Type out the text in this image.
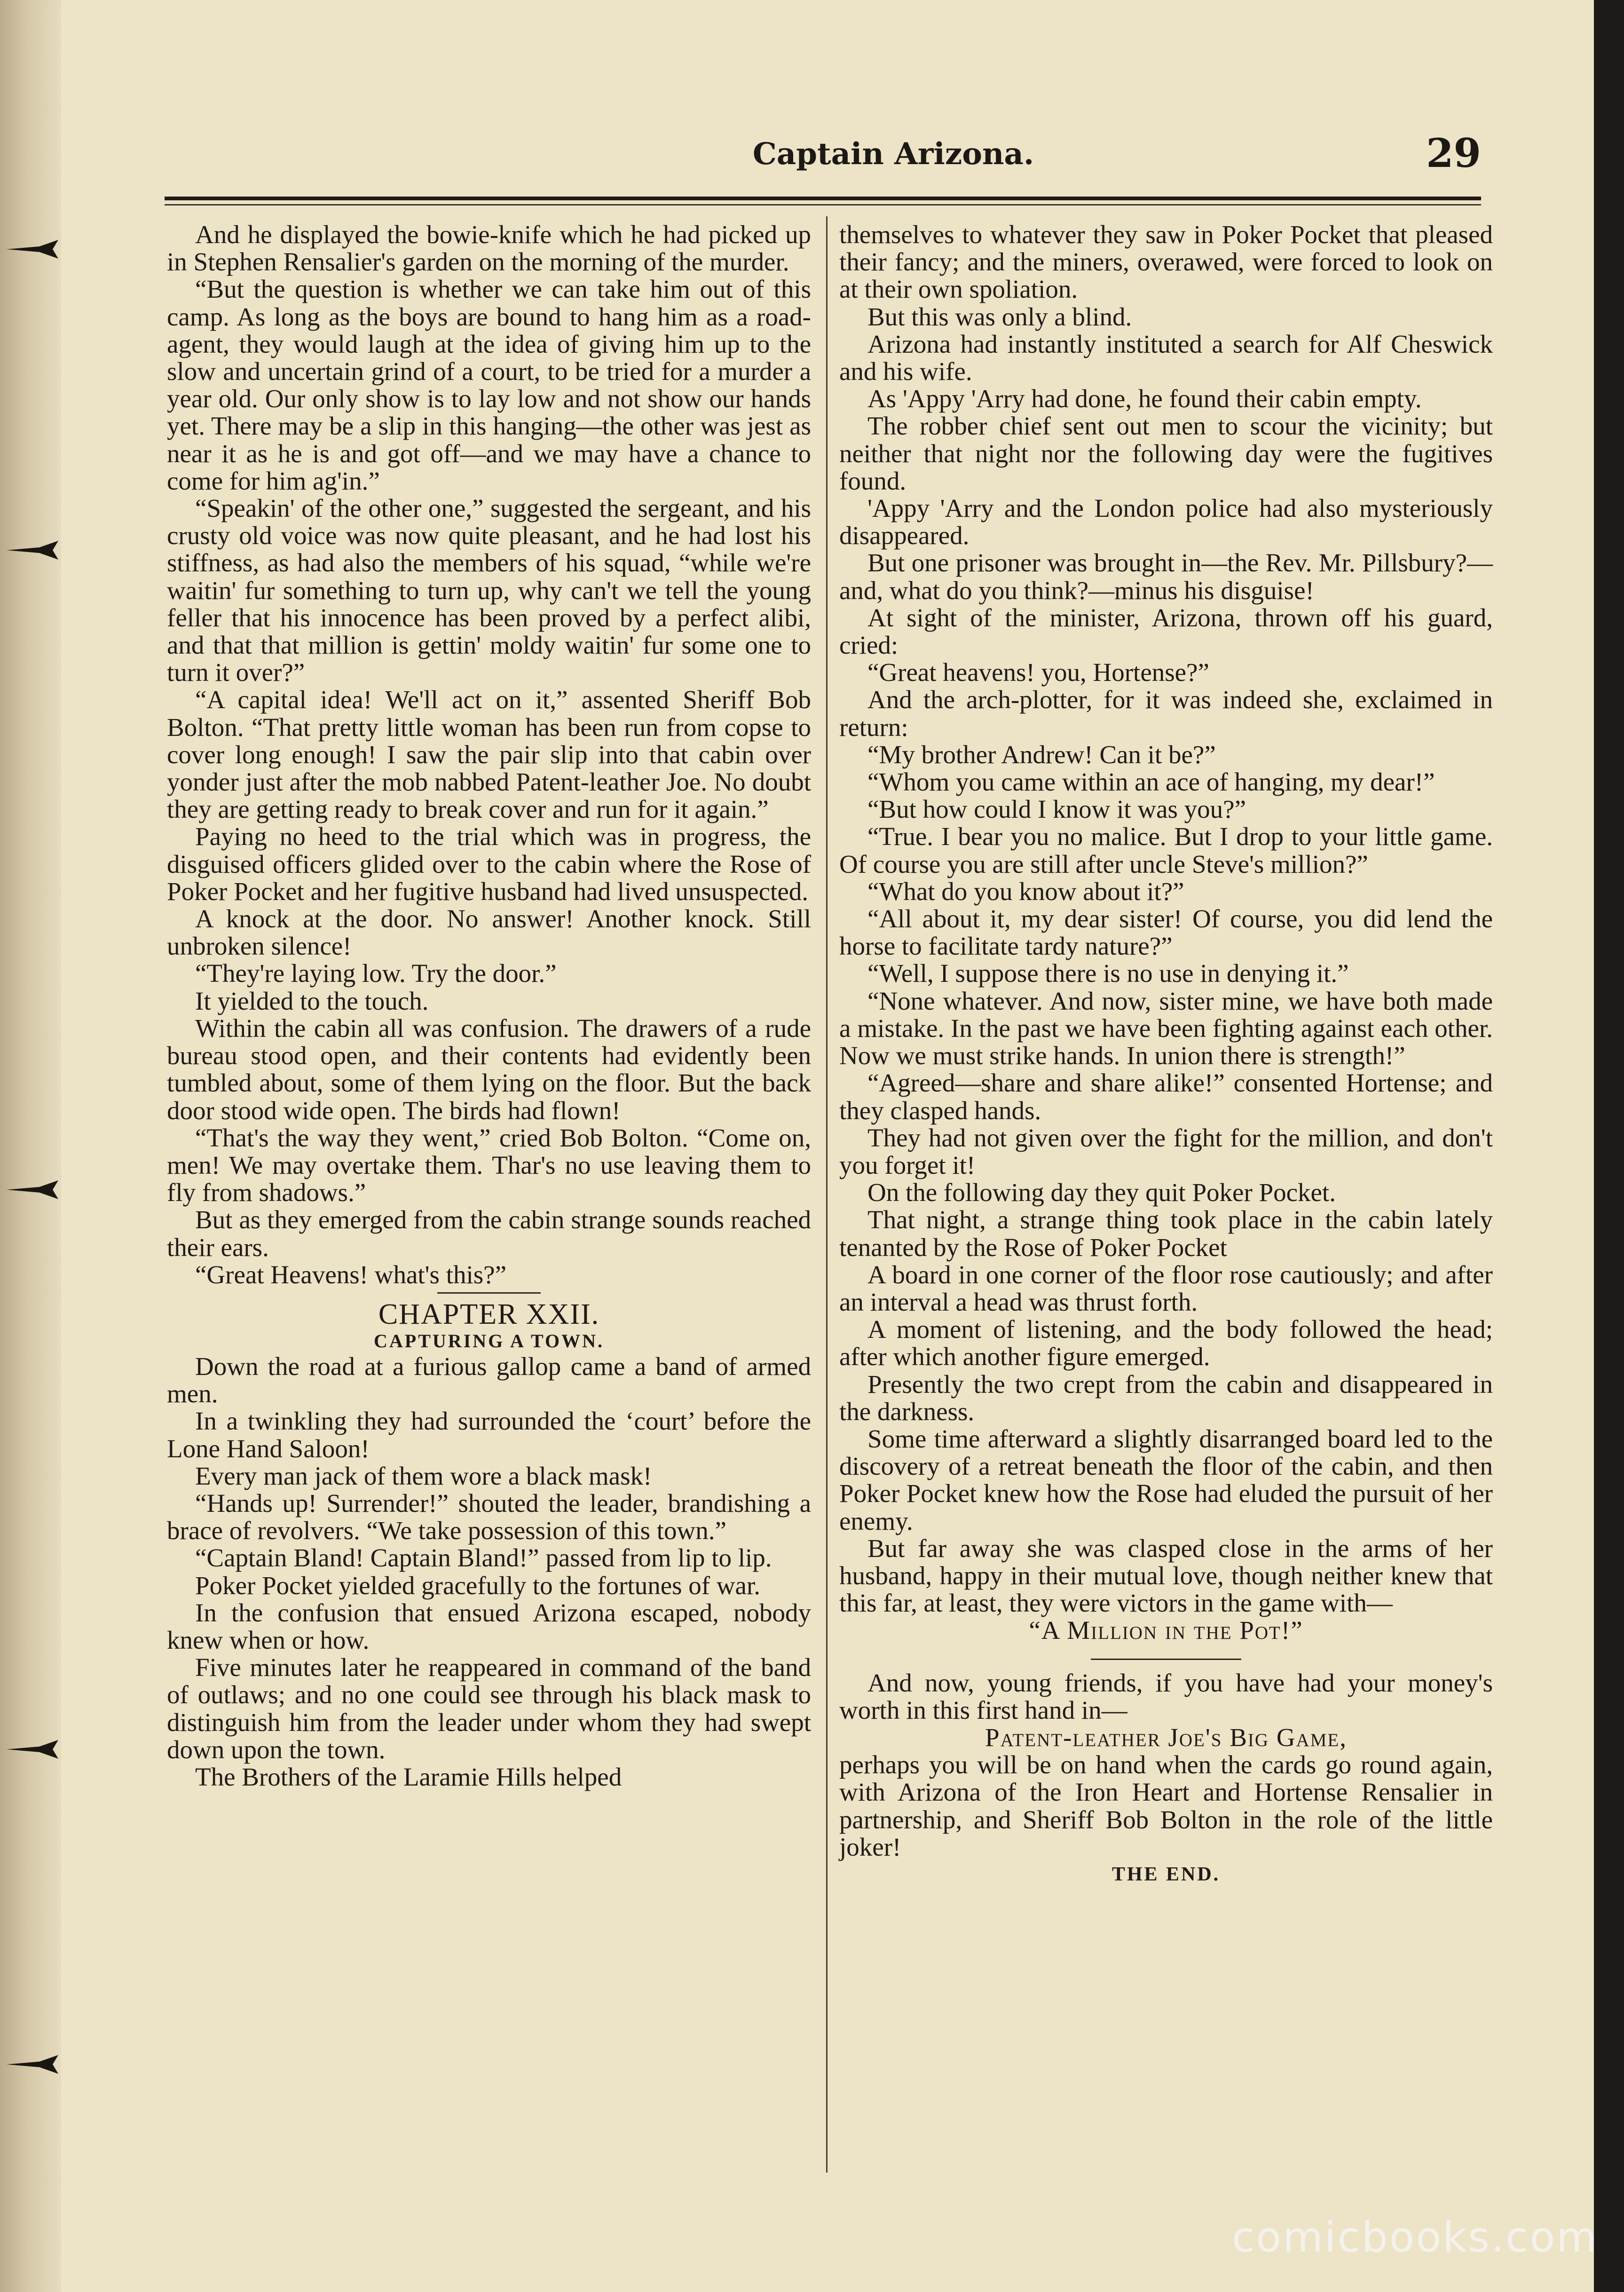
Captain Arizona.	29

And he displayed the bowie-knife which he had picked up in Stephen Rensalier's garden on the morning of the murder.

“But the question is whether we can take him out of this camp. As long as the boys are bound to hang him as a road-agent, they would laugh at the idea of giving him up to the slow and uncertain grind of a court, to be tried for a murder a year old. Our only show is to lay low and not show our hands yet. There may be a slip in this hanging—the other was jest as near it as he is and got off—and we may have a chance to come for him ag'in.”

“Speakin' of the other one,” suggested the sergeant, and his crusty old voice was now quite pleasant, and he had lost his stiffness, as had also the members of his squad, “while we're waitin' fur something to turn up, why can't we tell the young feller that his innocence has been proved by a perfect alibi, and that that million is gettin' moldy waitin' fur some one to turn it over?”

“A capital idea! We'll act on it,” assented Sheriff Bob Bolton. “That pretty little woman has been run from copse to cover long enough! I saw the pair slip into that cabin over yonder just after the mob nabbed Patent-leather Joe. No doubt they are getting ready to break cover and run for it again.”

Paying no heed to the trial which was in progress, the disguised officers glided over to the cabin where the Rose of Poker Pocket and her fugitive husband had lived unsuspected.

A knock at the door. No answer! Another knock. Still unbroken silence!

“They're laying low. Try the door.”

It yielded to the touch.

Within the cabin all was confusion. The drawers of a rude bureau stood open, and their contents had evidently been tumbled about, some of them lying on the floor. But the back door stood wide open. The birds had flown!

“That's the way they went,” cried Bob Bolton. “Come on, men! We may overtake them. Thar's no use leaving them to fly from shadows.”

But as they emerged from the cabin strange sounds reached their ears.

“Great Heavens! what's this?”

CHAPTER XXII.

CAPTURING A TOWN.

Down the road at a furious gallop came a band of armed men.

In a twinkling they had surrounded the ‘court’ before the Lone Hand Saloon!

Every man jack of them wore a black mask!

“Hands up! Surrender!” shouted the leader, brandishing a brace of revolvers. “We take possession of this town.”

“Captain Bland! Captain Bland!” passed from lip to lip.

Poker Pocket yielded gracefully to the fortunes of war.

In the confusion that ensued Arizona escaped, nobody knew when or how.

Five minutes later he reappeared in command of the band of outlaws; and no one could see through his black mask to distinguish him from the leader under whom they had swept down upon the town.

The Brothers of the Laramie Hills helped

themselves to whatever they saw in Poker Pocket that pleased their fancy; and the miners, overawed, were forced to look on at their own spoliation.

But this was only a blind.

Arizona had instantly instituted a search for Alf Cheswick and his wife.

As 'Appy 'Arry had done, he found their cabin empty.

The robber chief sent out men to scour the vicinity; but neither that night nor the following day were the fugitives found.

'Appy 'Arry and the London police had also mysteriously disappeared.

But one prisoner was brought in—the Rev. Mr. Pillsbury?—and, what do you think?—minus his disguise!

At sight of the minister, Arizona, thrown off his guard, cried:

“Great heavens! you, Hortense?”

And the arch-plotter, for it was indeed she, exclaimed in return:

“My brother Andrew! Can it be?”

“Whom you came within an ace of hanging, my dear!”

“But how could I know it was you?”

“True. I bear you no malice. But I drop to your little game. Of course you are still after uncle Steve's million?”

“What do you know about it?”

“All about it, my dear sister! Of course, you did lend the horse to facilitate tardy nature?”

“Well, I suppose there is no use in denying it.”

“None whatever. And now, sister mine, we have both made a mistake. In the past we have been fighting against each other. Now we must strike hands. In union there is strength!”

“Agreed—share and share alike!” consented Hortense; and they clasped hands.

They had not given over the fight for the million, and don't you forget it!

On the following day they quit Poker Pocket.

That night, a strange thing took place in the cabin lately tenanted by the Rose of Poker Pocket

A board in one corner of the floor rose cautiously; and after an interval a head was thrust forth.

A moment of listening, and the body followed the head; after which another figure emerged.

Presently the two crept from the cabin and disappeared in the darkness.

Some time afterward a slightly disarranged board led to the discovery of a retreat beneath the floor of the cabin, and then Poker Pocket knew how the Rose had eluded the pursuit of her enemy.

But far away she was clasped close in the arms of her husband, happy in their mutual love, though neither knew that this far, at least, they were victors in the game with—

“A Million in the Pot!”

And now, young friends, if you have had your money's worth in this first hand in—

Patent-leather Joe's Big Game,

perhaps you will be on hand when the cards go round again, with Arizona of the Iron Heart and Hortense Rensalier in partnership, and Sheriff Bob Bolton in the role of the little joker!

THE END.

comicbooks.com
